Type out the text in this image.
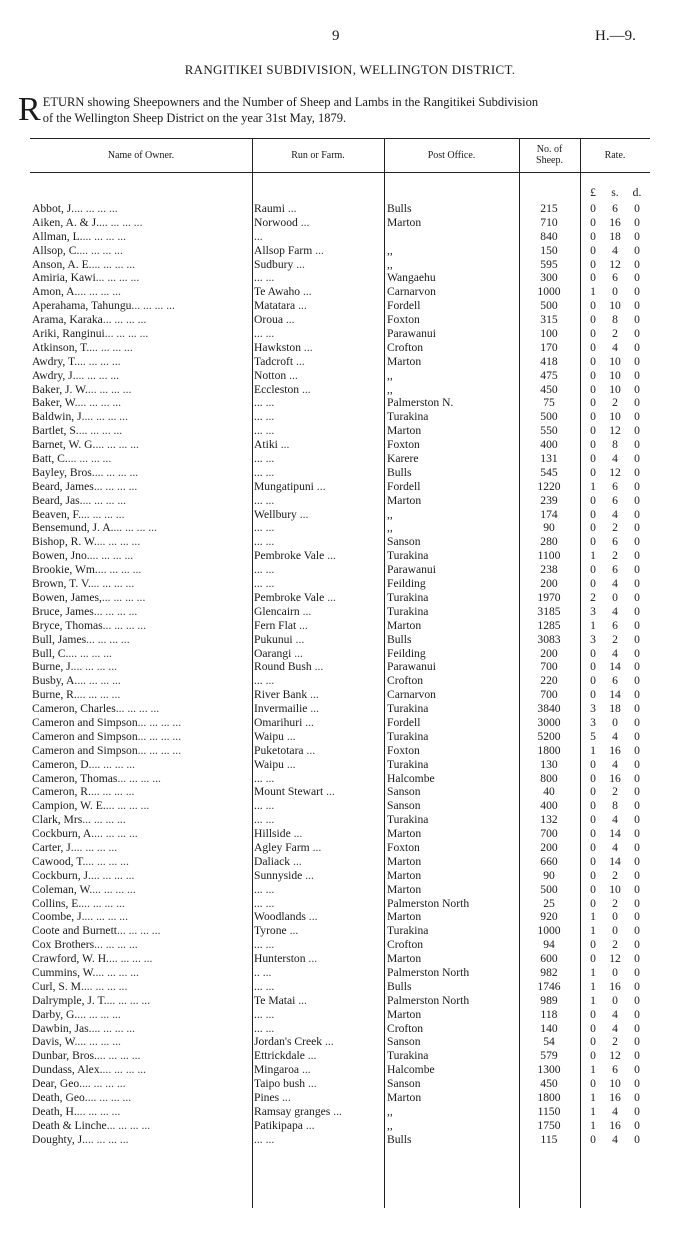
9	H.—9.
RANGITIKEI SUBDIVISION, WELLINGTON DISTRICT.
R ETURN showing Sheepowners and the Number of Sheep and Lambs in the Rangitikei Subdivision

of the Wellington Sheep District on the year 31st May, 1879.

Name of Owner.	Run or Farm.	Post Office.	No. of
Sheep.	Rate.
£	s.	d.
Abbot, J. ...	Raumi ...	Bulls	215	0	6	0
Aiken, A. & J. ...	Norwood ...	Marton	710	0	16	0
Allman, L. ...
...	840	0	18	0
Allsop, C. ...	Allsop Farm ...	,,	150	0	4	0
Anson, A. E. ...	Sudbury ...	,,	595	0	12	0
Amiria, Kawi ...	... ...	Wangaehu	300	0	6	0
Amon, A. ...	Te Awaho ...	Carnarvon	1000	1	0	0
Aperahama, Tahungu ...	Matatara ...	Fordell	500	0	10	0
Arama, Karaka ...	Oroua ...	Foxton	315	0	8	0
Ariki, Ranginui ...	... ...	Parawanui	100	0	2	0
Atkinson, T. ...	Hawkston ...	Crofton	170	0	4	0
Awdry, T. ...	Tadcroft ...	Marton	418	0	10	0
Awdry, J. ...	Notton ...	,,	475	0	10	0
Baker, J. W. ...	Eccleston ...	,,	450	0	10	0
Baker, W. ...	... ...	Palmerston N.	75	0	2	0
Baldwin, J. ...	... ...	Turakina	500	0	10	0
Bartlet, S. ...	... ...	Marton	550	0	12	0
Barnet, W. G. ...	Atiki ...	Foxton	400	0	8	0
Batt, C. ...	... ...	Karere	131	0	4	0
Bayley, Bros. ...	... ...	Bulls	545	0	12	0
Beard, James ...	Mungatipuni ...	Fordell	1220	1	6	0
Beard, Jas. ...	... ...	Marton	239	0	6	0
Beaven, F. ...	Wellbury ...	,,	174	0	4	0
Bensemund, J. A. ...	... ...	,,	90	0	2	0
Bishop, R. W. ...	... ...	Sanson	280	0	6	0
Bowen, Jno. ...	Pembroke Vale ...	Turakina	1100	1	2	0
Brookie, Wm. ...	... ...	Parawanui	238	0	6	0
Brown, T. V. ...	... ...	Feilding	200	0	4	0
Bowen, James, ...	Pembroke Vale ...	Turakina	1970	2	0	0
Bruce, James ...	Glencairn ...	Turakina	3185	3	4	0
Bryce, Thomas ...	Fern Flat ...	Marton	1285	1	6	0
Bull, James ...	Pukunui ...	Bulls	3083	3	2	0
Bull, C. ...	Oarangi ...	Feilding	200	0	4	0
Burne, J. ...	Round Bush ...	Parawanui	700	0	14	0
Busby, A. ...	... ...	Crofton	220	0	6	0
Burne, R. ...	River Bank ...	Carnarvon	700	0	14	0
Cameron, Charles ...	Invermailie ...	Turakina	3840	3	18	0
Cameron and Simpson ...	Omarihuri ...	Fordell	3000	3	0	0
Cameron and Simpson ...	Waipu ...	Turakina	5200	5	4	0
Cameron and Simpson ...	Puketotara ...	Foxton	1800	1	16	0
Cameron, D. ...	Waipu ...	Turakina	130	0	4	0
Cameron, Thomas ...	... ...	Halcombe	800	0	16	0
Cameron, R. ...	Mount Stewart ...	Sanson	40	0	2	0
Campion, W. E. ...	... ...	Sanson	400	0	8	0
Clark, Mrs ...	... ...	Turakina	132	0	4	0
Cockburn, A. ...	Hillside ...	Marton	700	0	14	0
Carter, J. ...	Agley Farm ...	Foxton	200	0	4	0
Cawood, T. ...	Daliack ...	Marton	660	0	14	0
Cockburn, J. ...	Sunnyside ...	Marton	90	0	2	0
Coleman, W. ...	... ...	Marton	500	0	10	0
Collins, E. ...	... ...	Palmerston North	25	0	2	0
Coombe, J. ...	Woodlands ...	Marton	920	1	0	0
Coote and Burnett ...	Tyrone ...	Turakina	1000	1	0	0
Cox Brothers ...	... ...	Crofton	94	0	2	0
Crawford, W. H. ...	Hunterston ...	Marton	600	0	12	0
Cummins, W. ...	.. ...	Palmerston North	982	1	0	0
Curl, S. M. ...	... ...	Bulls	1746	1	16	0
Dalrymple, J. T. ...	Te Matai ...	Palmerston North	989	1	0	0
Darby, G. ...	... ...	Marton	118	0	4	0
Dawbin, Jas. ...	... ...	Crofton	140	0	4	0
Davis, W. ...	Jordan's Creek ...	Sanson	54	0	2	0
Dunbar, Bros. ...	Ettrickdale ...	Turakina	579	0	12	0
Dundass, Alex. ...	Mingaroa ...	Halcombe	1300	1	6	0
Dear, Geo. ...	Taipo bush ...	Sanson	450	0	10	0
Death, Geo. ...	Pines ...	Marton	1800	1	16	0
Death, H. ...	Ramsay granges ...	,,	1150	1	4	0
Death & Linche ...	Patikipapa ...	,,	1750	1	16	0
Doughty, J. ...	... ...	Bulls	115	0	4	0
